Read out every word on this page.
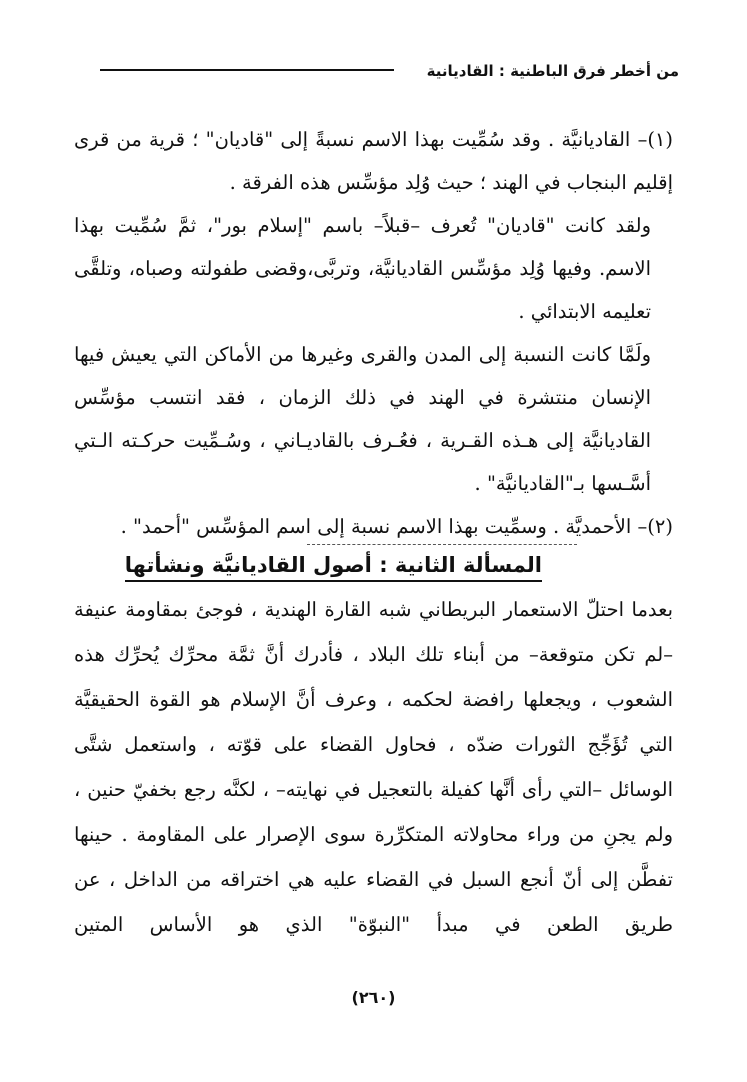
من أخطر فرق الباطنية : القاديانية

(١)– القاديانيَّة . وقد سُمِّيت بهذا الاسم نسبةً إلى "قاديان" ؛ قرية من قرى إقليم البنجاب في الهند ؛ حيث وُلِد مؤسِّس هذه الفرقة .

ولقد كانت "قاديان" تُعرف –قبلاً– باسم "إسلام بور"، ثمَّ سُمِّيت بهذا الاسم. وفيها وُلِد مؤسِّس القاديانيَّة، وتربَّى،وقضى طفولته وصباه، وتلقَّى تعليمه الابتدائي .

ولَمَّا كانت النسبة إلى المدن والقرى وغيرها من الأماكن التي يعيش فيها الإنسان منتشرة في الهند في ذلك الزمان ، فقد انتسب مؤسِّس القاديانيَّة إلى هـذه القـرية ، فعُـرف بالقاديـاني ، وسُـمِّيت حركـته الـتي أسَّـسها بـ"القاديانيَّة" .

(٢)– الأحمديَّة . وسمِّيت بهذا الاسم نسبة إلى اسم المؤسِّس "أحمد" .

المسألة الثانية : أصول القاديانيَّة ونشأتها

بعدما احتلّ الاستعمار البريطاني شبه القارة الهندية ، فوجئ بمقاومة عنيفة –لم تكن متوقعة– من أبناء تلك البلاد ، فأدرك أنَّ ثمَّة محرِّك يُحرِّك هذه الشعوب ، ويجعلها رافضة لحكمه ، وعرف أنَّ الإسلام هو القوة الحقيقيَّة التي تُؤَجِّج الثورات ضدّه ، فحاول القضاء على قوّته ، واستعمل شتَّى الوسائل –التي رأى أنَّها كفيلة بالتعجيل في نهايته– ، لكنَّه رجع بخفيّ حنين ، ولم يجنِ من وراء محاولاته المتكرِّرة سوى الإصرار على المقاومة . حينها تفطَّن إلى أنّ أنجع السبل في القضاء عليه هي اختراقه من الداخل ، عن طريق الطعن في مبدأ "النبوّة" الذي هو الأساس المتين

(٢٦٠)
